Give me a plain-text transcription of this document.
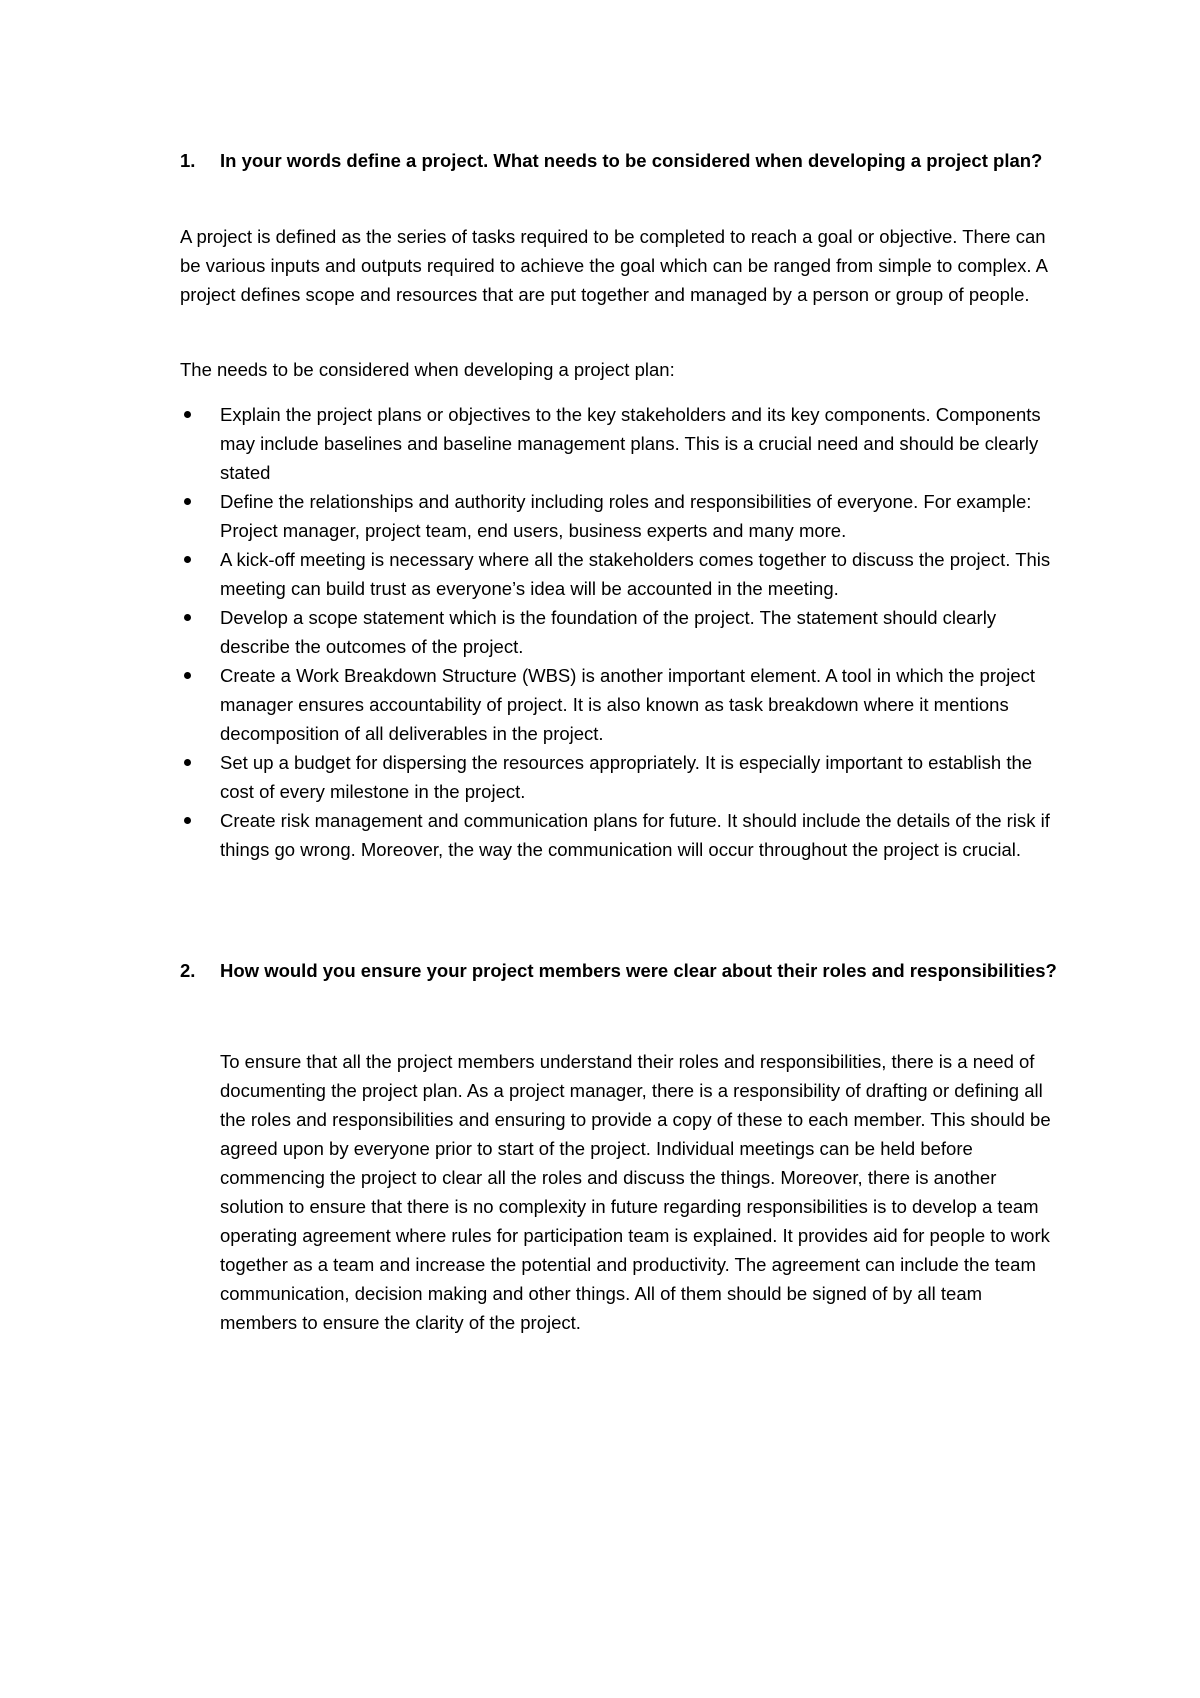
1.	In your words define a project. What needs to be considered when developing a project plan?
A project is defined as the series of tasks required to be completed to reach a goal or objective. There can be various inputs and outputs required to achieve the goal which can be ranged from simple to complex. A project defines scope and resources that are put together and managed by a person or group of people.
The needs to be considered when developing a project plan:
Explain the project plans or objectives to the key stakeholders and its key components. Components may include baselines and baseline management plans. This is a crucial need and should be clearly stated
Define the relationships and authority including roles and responsibilities of everyone. For example: Project manager, project team, end users, business experts and many more.
A kick-off meeting is necessary where all the stakeholders comes together to discuss the project. This meeting can build trust as everyone’s idea will be accounted in the meeting.
Develop a scope statement which is the foundation of the project. The statement should clearly describe the outcomes of the project.
Create a Work Breakdown Structure (WBS) is another important element. A tool in which the project manager ensures accountability of project. It is also known as task breakdown where it mentions decomposition of all deliverables in the project.
Set up a budget for dispersing the resources appropriately. It is especially important to establish the cost of every milestone in the project.
Create risk management and communication plans for future. It should include the details of the risk if things go wrong. Moreover, the way the communication will occur throughout the project is crucial.
2.	How would you ensure your project members were clear about their roles and responsibilities?
To ensure that all the project members understand their roles and responsibilities, there is a need of documenting the project plan. As a project manager, there is a responsibility of drafting or defining all the roles and responsibilities and ensuring to provide a copy of these to each member. This should be agreed upon by everyone prior to start of the project. Individual meetings can be held before commencing the project to clear all the roles and discuss the things. Moreover, there is another solution to ensure that there is no complexity in future regarding responsibilities is to develop a team operating agreement where rules for participation team is explained. It provides aid for people to work together as a team and increase the potential and productivity. The agreement can include the team communication, decision making and other things. All of them should be signed of by all team members to ensure the clarity of the project.
